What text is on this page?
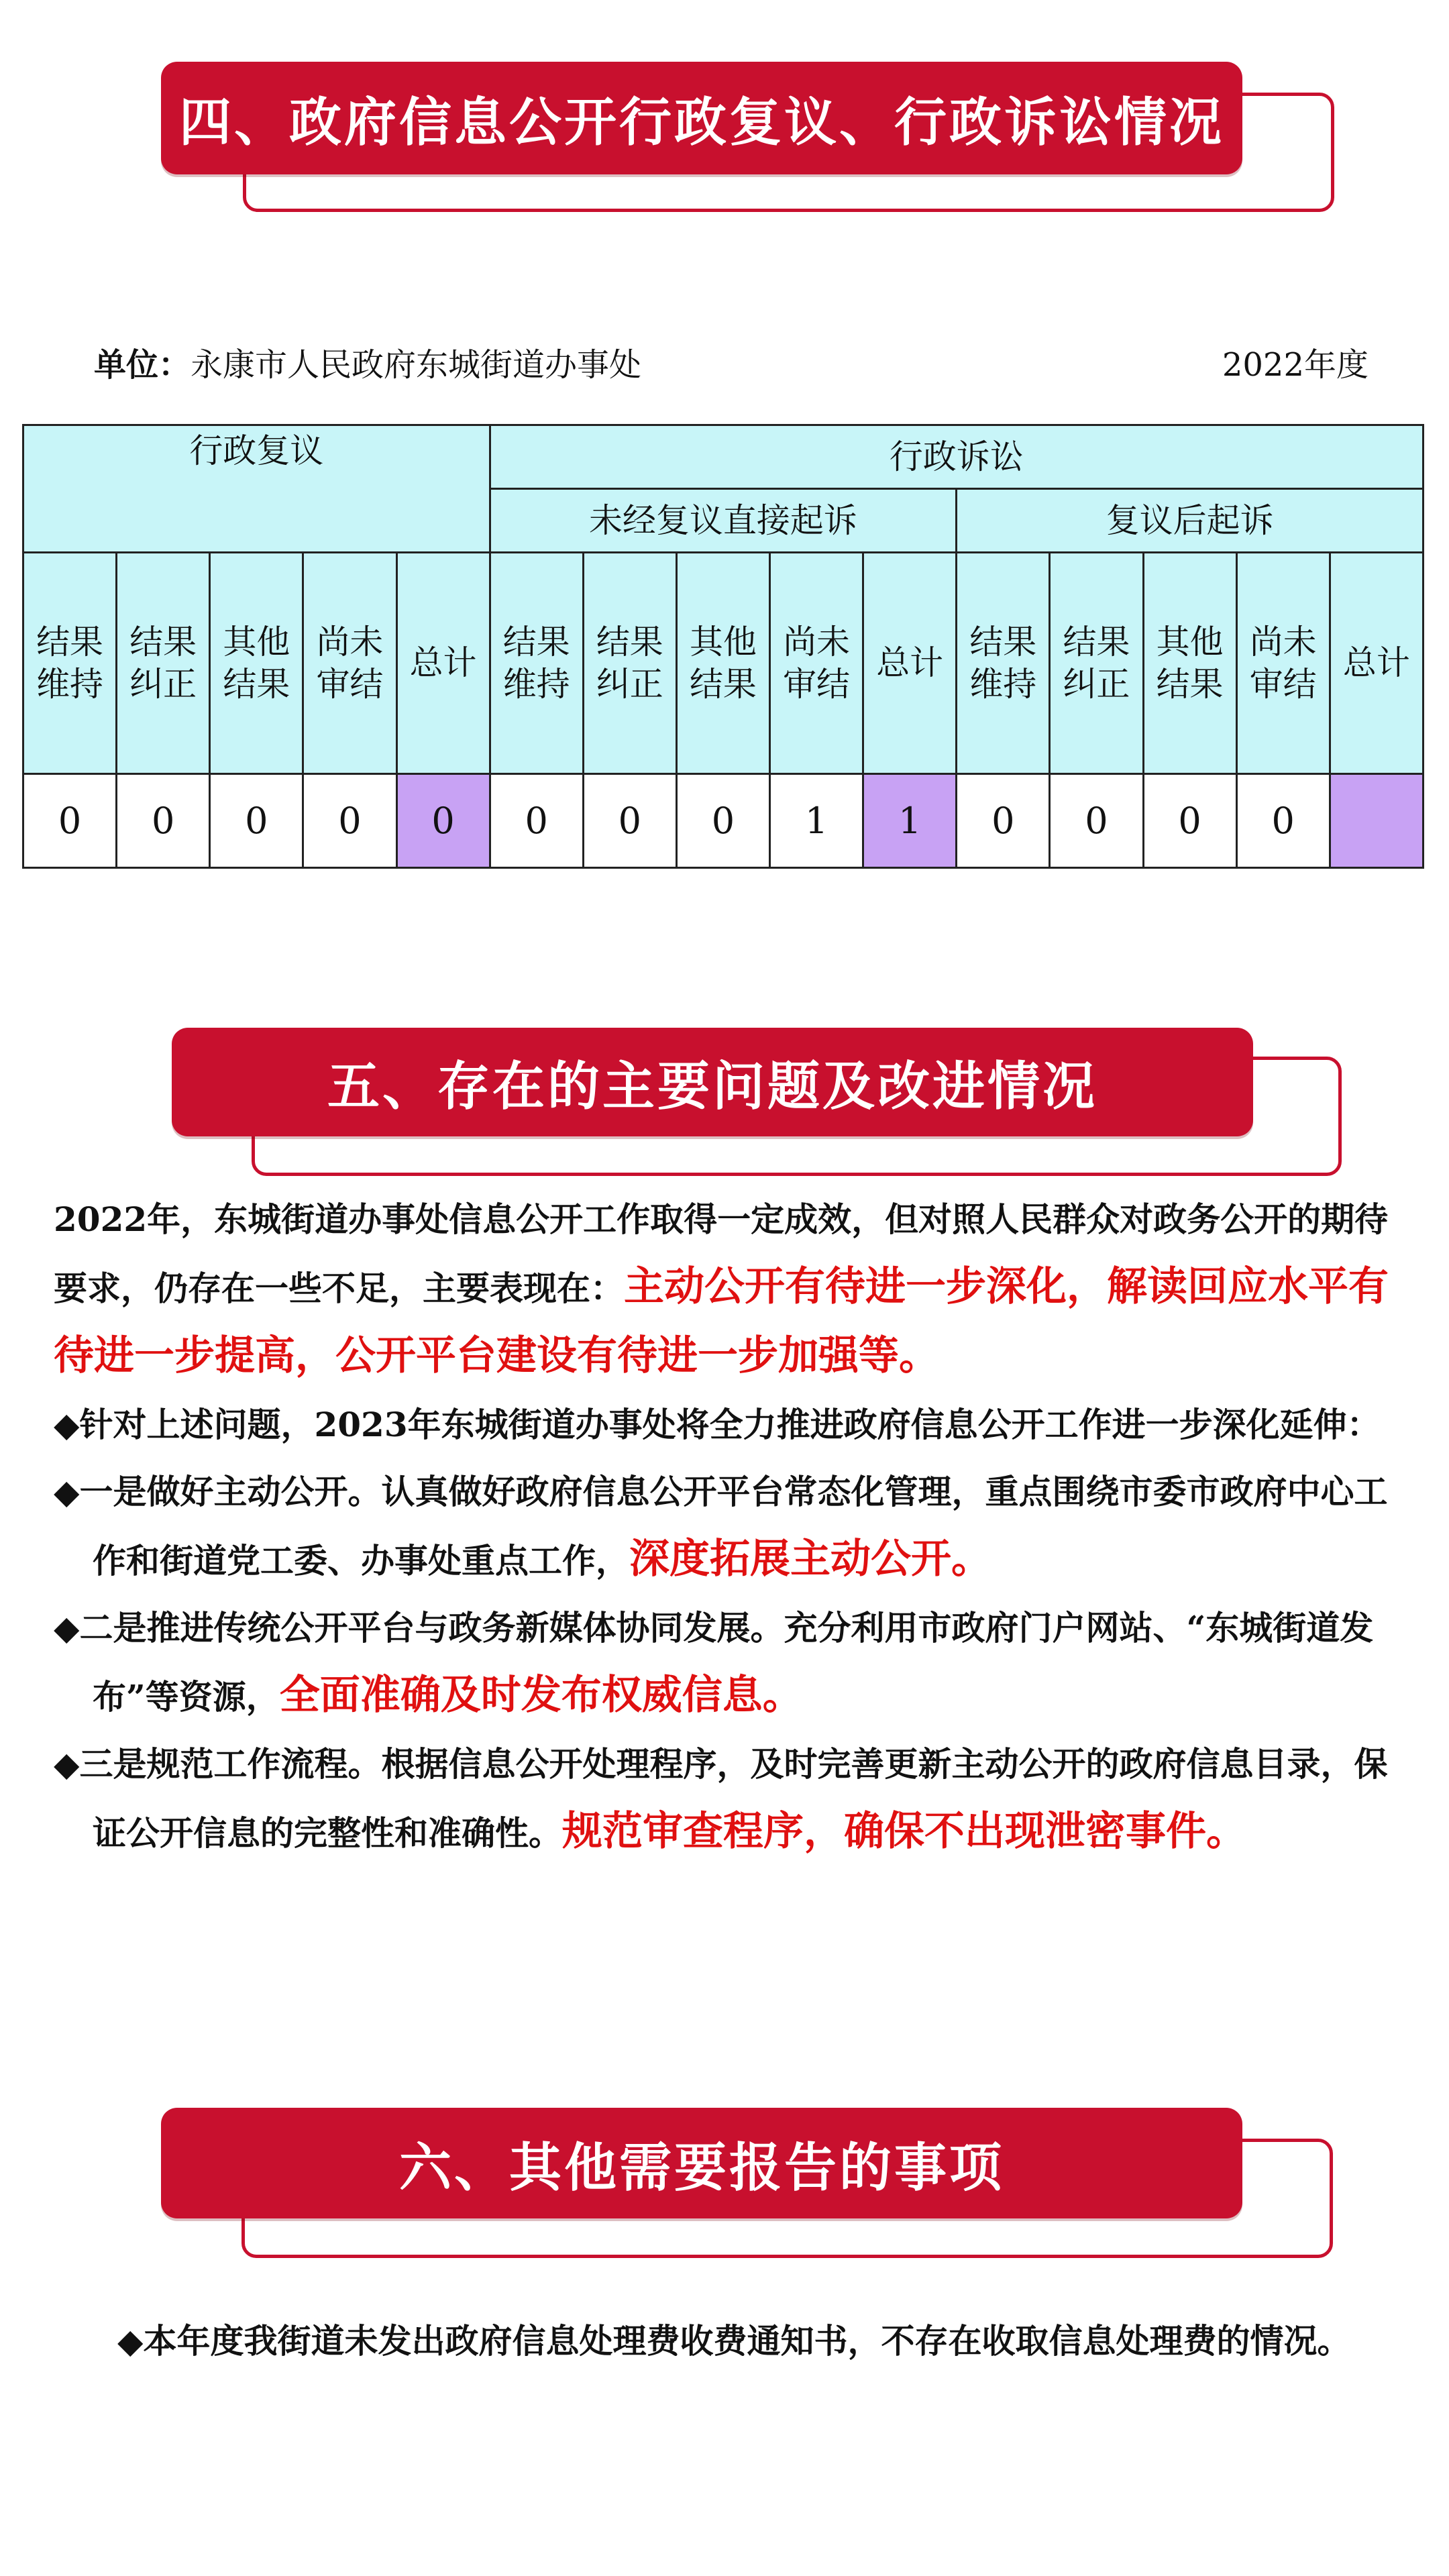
四、政府信息公开行政复议、行政诉讼情况
单位：永康市人民政府东城街道办事处	2022年度
行政复议					行政诉讼									
					未经复议直接起诉					复议后起诉				
结果维持	结果纠正	其他结果	尚未审结	总计	结果维持	结果纠正	其他结果	尚未审结	总计	结果维持	结果纠正	其他结果	尚未审结	总计
0	0	0	0	0	0	0	0	1	1	0	0	0	0	
五、存在的主要问题及改进情况
2022年，东城街道办事处信息公开工作取得一定成效，但对照人民群众对政务公开的期待要求，仍存在一些不足，主要表现在：主动公开有待进一步深化，解读回应水平有待进一步提高，公开平台建设有待进一步加强等。
◆针对上述问题，2023年东城街道办事处将全力推进政府信息公开工作进一步深化延伸：
◆一是做好主动公开。认真做好政府信息公开平台常态化管理，重点围绕市委市政府中心工作和街道党工委、办事处重点工作，深度拓展主动公开。
◆二是推进传统公开平台与政务新媒体协同发展。充分利用市政府门户网站、“东城街道发布”等资源，全面准确及时发布权威信息。
◆三是规范工作流程。根据信息公开处理程序，及时完善更新主动公开的政府信息目录，保证公开信息的完整性和准确性。规范审查程序，确保不出现泄密事件。
六、其他需要报告的事项
◆本年度我街道未发出政府信息处理费收费通知书，不存在收取信息处理费的情况。
